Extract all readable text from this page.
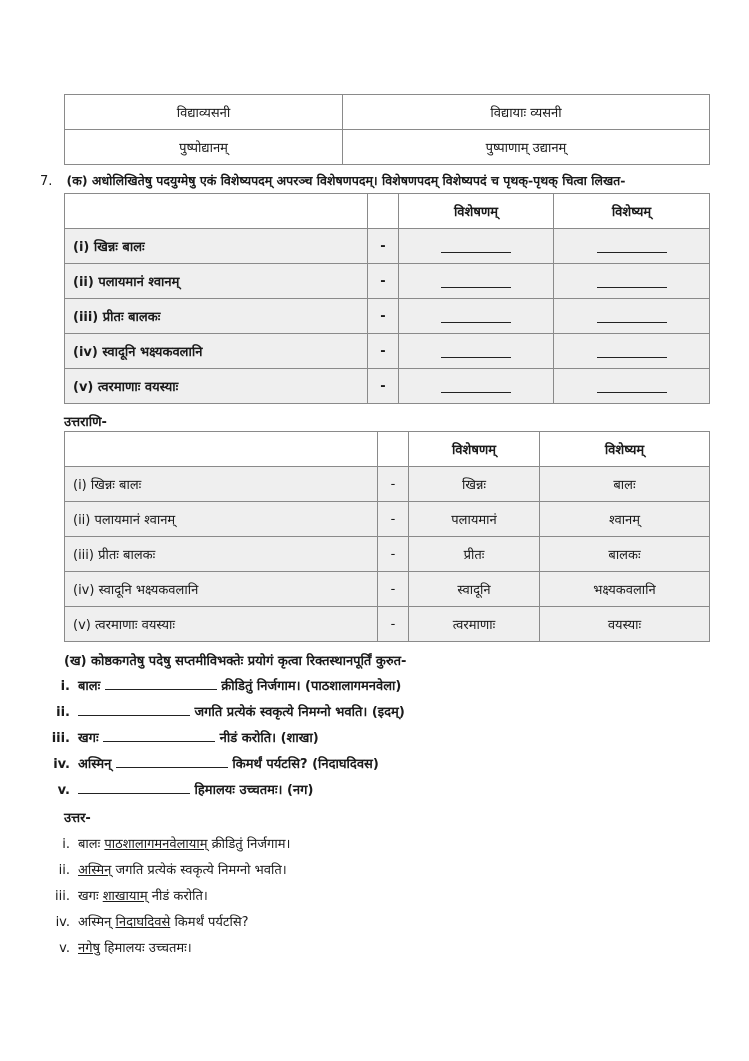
विद्याव्यसनी	विद्यायाः व्यसनी
पुष्पोद्यानम्	पुष्पाणाम् उद्यानम्
7. (क) अधोलिखितेषु पदयुग्मेषु एकं विशेष्यपदम् अपरञ्च विशेषणपदम्। विशेषणपदम् विशेष्यपदं च पृथक्-पृथक् चित्वा लिखत-
		विशेषणम्	विशेष्यम्
(i) खिन्नः बालः	-		
(ii) पलायमानं श्वानम्	-		
(iii) प्रीतः बालकः	-		
(iv) स्वादूनि भक्ष्यकवलानि	-		
(v) त्वरमाणाः वयस्याः	-		
उत्तराणि-
		विशेषणम्	विशेष्यम्
(i) खिन्नः बालः	-	खिन्नः	बालः
(ii) पलायमानं श्वानम्	-	पलायमानं	श्वानम्
(iii) प्रीतः बालकः	-	प्रीतः	बालकः
(iv) स्वादूनि भक्ष्यकवलानि	-	स्वादूनि	भक्ष्यकवलानि
(v) त्वरमाणाः वयस्याः	-	त्वरमाणाः	वयस्याः
(ख) कोष्ठकगतेषु पदेषु सप्तमीविभक्तेः प्रयोगं कृत्वा रिक्तस्थानपूर्तिं कुरुत-
i. बालः	क्रीडितुं निर्जगाम। (पाठशालागमनवेला)
ii.	जगति प्रत्येकं स्वकृत्ये निमग्नो भवति। (इदम्)
iii. खगः	नीडं करोति। (शाखा)
iv. अस्मिन्	किमर्थं पर्यटसि? (निदाघदिवस)
v.	हिमालयः उच्चतमः। (नग)
उत्तर-
i. बालः पाठशालागमनवेलायाम् क्रीडितुं निर्जगाम।
ii. अस्मिन् जगति प्रत्येकं स्वकृत्ये निमग्नो भवति।
iii. खगः शाखायाम् नीडं करोति।
iv. अस्मिन् निदाघदिवसे किमर्थं पर्यटसि?
v. नगेषु हिमालयः उच्चतमः।
